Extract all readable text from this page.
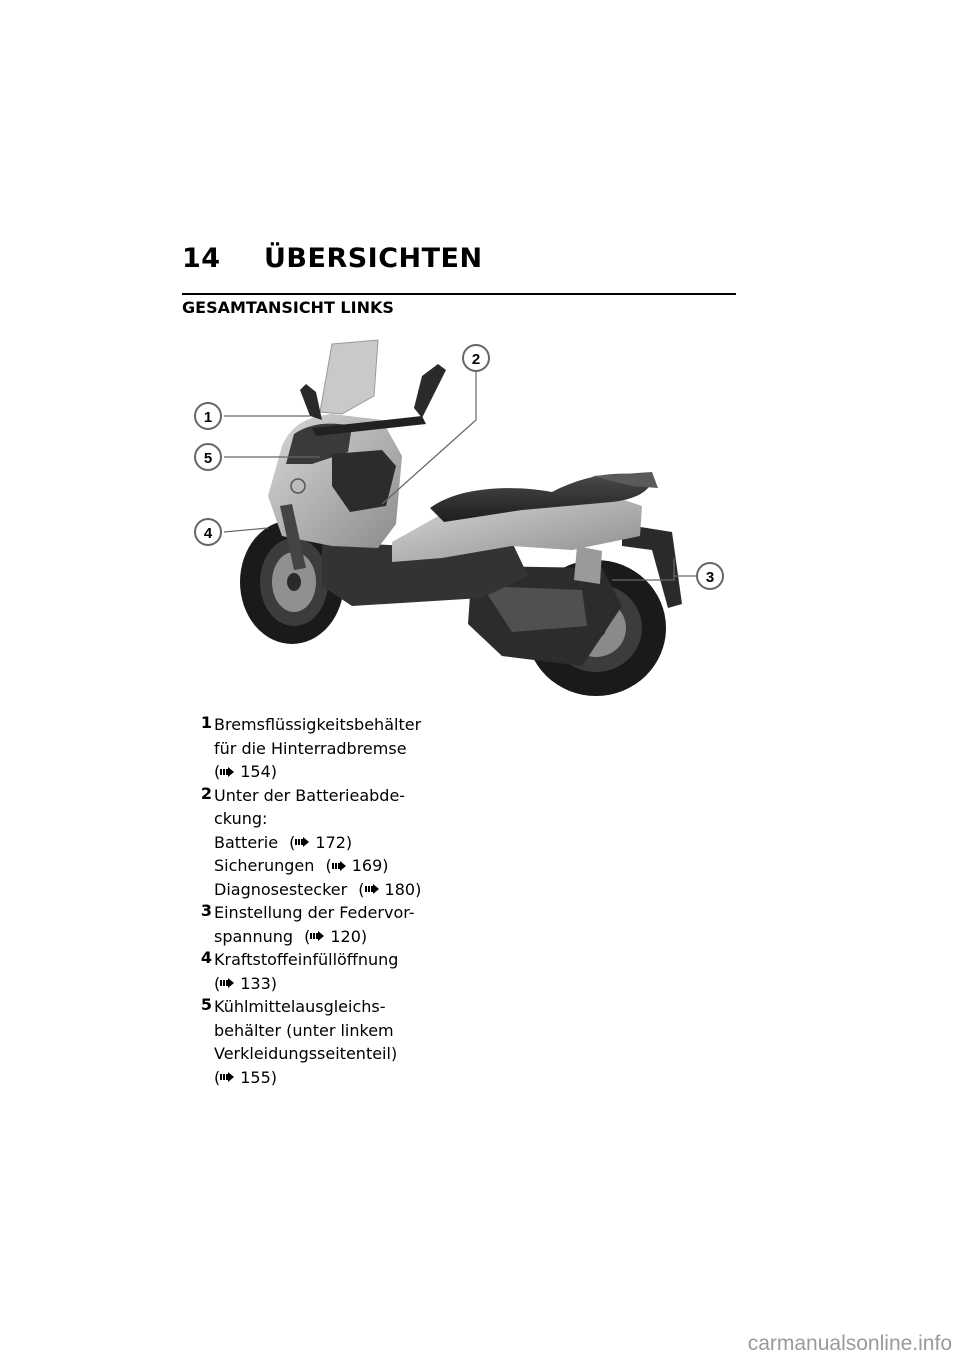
14 ÜBERSICHTEN
GESAMTANSICHT LINKS
1
5
4
2
3
1 Bremsflüssigkeitsbehälter
für die Hinterradbremse
( 154)
2 Unter der Batterieabde-
ckung:
Batterie ( 172)
Sicherungen ( 169)
Diagnosestecker ( 180)
3 Einstellung der Federvor-
spannung ( 120)
4 Kraftstoffeinfüllöffnung
( 133)
5 Kühlmittelausgleichs-
behälter (unter linkem
Verkleidungsseitenteil)
( 155)
carmanualsonline.info
